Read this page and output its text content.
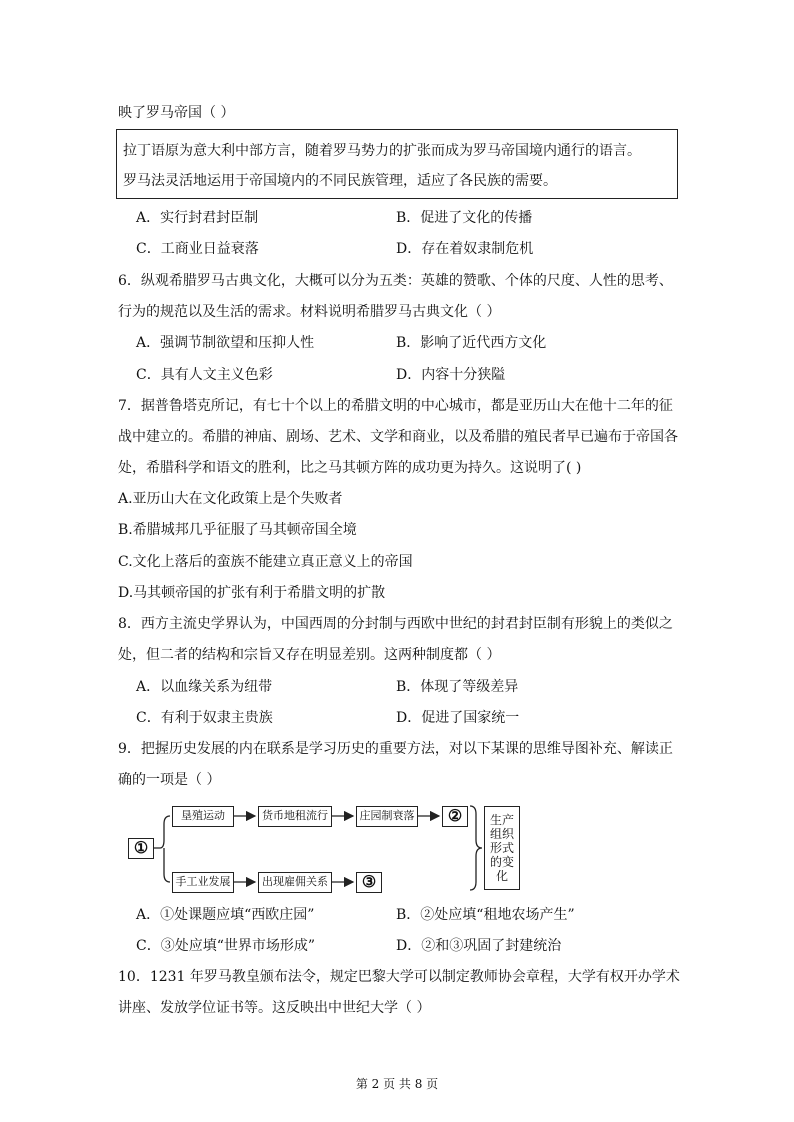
映了罗马帝国（ ）
拉丁语原为意大利中部方言，随着罗马势力的扩张而成为罗马帝国境内通行的语言。
罗马法灵活地运用于帝国境内的不同民族管理，适应了各民族的需要。
A．实行封君封臣制	B．促进了文化的传播
C．工商业日益衰落	D．存在着奴隶制危机
6．纵观希腊罗马古典文化，大概可以分为五类：英雄的赞歌、个体的尺度、人性的思考、
行为的规范以及生活的需求。材料说明希腊罗马古典文化（ ）
A．强调节制欲望和压抑人性	B．影响了近代西方文化
C．具有人文主义色彩	D．内容十分狭隘
7．据普鲁塔克所记，有七十个以上的希腊文明的中心城市，都是亚历山大在他十二年的征
战中建立的。希腊的神庙、剧场、艺术、文学和商业，以及希腊的殖民者早已遍布于帝国各
处，希腊科学和语文的胜利，比之马其顿方阵的成功更为持久。这说明了( )
A.亚历山大在文化政策上是个失败者
B.希腊城邦几乎征服了马其顿帝国全境
C.文化上落后的蛮族不能建立真正意义上的帝国
D.马其顿帝国的扩张有利于希腊文明的扩散
8．西方主流史学界认为，中国西周的分封制与西欧中世纪的封君封臣制有形貌上的类似之
处，但二者的结构和宗旨又存在明显差别。这两种制度都（ ）
A．以血缘关系为纽带	B．体现了等级差异
C．有利于奴隶主贵族	D．促进了国家统一
9．把握历史发展的内在联系是学习历史的重要方法，对以下某课的思维导图补充、解读正
确的一项是（ ）
①
垦殖运动	货币地租流行	庄园制衰落	②
手工业发展	出现雇佣关系	③
生产组织形式的变化
A．①处课题应填“西欧庄园”	B．②处应填“租地农场产生”
C．③处应填“世界市场形成”	D．②和③巩固了封建统治
10．1231 年罗马教皇颁布法令，规定巴黎大学可以制定教师协会章程，大学有权开办学术
讲座、发放学位证书等。这反映出中世纪大学（ ）
第 2 页 共 8 页
